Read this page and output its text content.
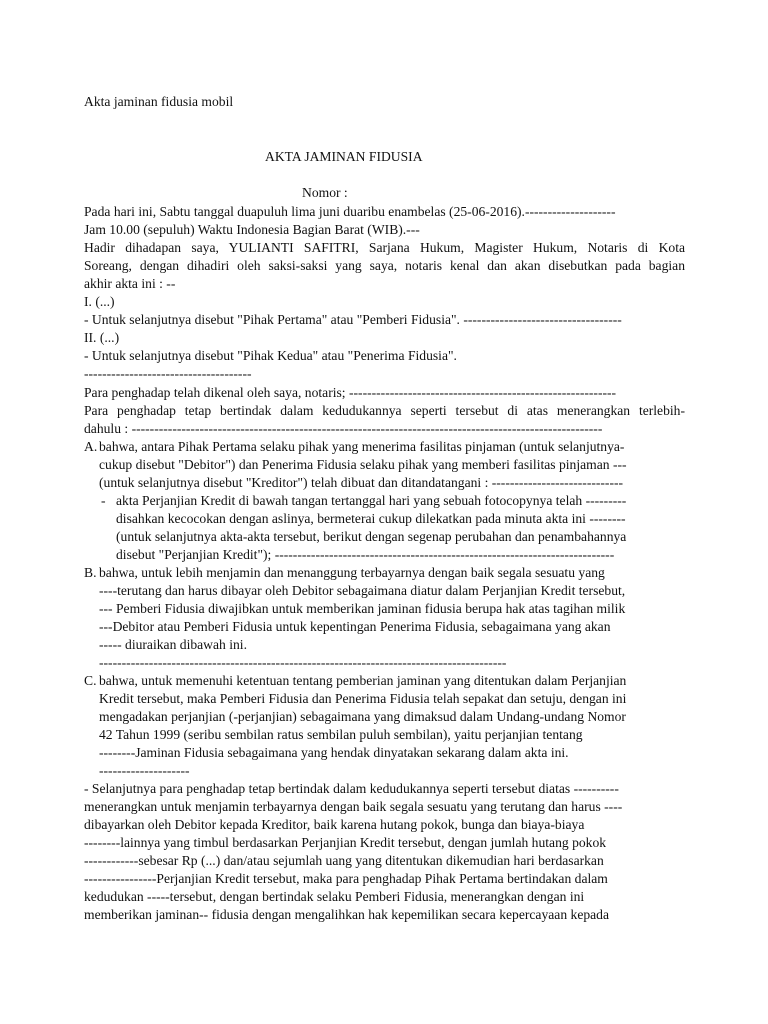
Akta jaminan fidusia mobil
AKTA JAMINAN FIDUSIA
Nomor :
Pada hari ini, Sabtu tanggal duapuluh lima juni duaribu enambelas (25-06-2016).--------------------
Jam 10.00 (sepuluh) Waktu Indonesia Bagian Barat (WIB).---
Hadir dihadapan saya, YULIANTI SAFITRI, Sarjana Hukum, Magister Hukum, Notaris di Kota
Soreang, dengan dihadiri oleh saksi-saksi yang saya, notaris kenal dan akan disebutkan pada bagian
akhir akta ini : --
I. (...)
- Untuk selanjutnya disebut "Pihak Pertama" atau "Pemberi Fidusia". -----------------------------------
II. (...)
- Untuk selanjutnya disebut "Pihak Kedua" atau "Penerima Fidusia".
-------------------------------------
Para penghadap telah dikenal oleh saya, notaris; -----------------------------------------------------------
Para penghadap tetap bertindak dalam kedudukannya seperti tersebut di atas menerangkan terlebih-
dahulu : --------------------------------------------------------------------------------------------------------
A. bahwa, antara Pihak Pertama selaku pihak yang menerima fasilitas pinjaman (untuk selanjutnya-
cukup disebut "Debitor") dan Penerima Fidusia selaku pihak yang memberi fasilitas pinjaman ---
(untuk selanjutnya disebut "Kreditor") telah dibuat dan ditandatangani : -----------------------------
- akta Perjanjian Kredit di bawah tangan tertanggal hari yang sebuah fotocopynya telah ---------
disahkan kecocokan dengan aslinya, bermeterai cukup dilekatkan pada minuta akta ini --------
(untuk selanjutnya akta-akta tersebut, berikut dengan segenap perubahan dan penambahannya
disebut "Perjanjian Kredit"); ---------------------------------------------------------------------------
B. bahwa, untuk lebih menjamin dan menanggung terbayarnya dengan baik segala sesuatu yang
----terutang dan harus dibayar oleh Debitor sebagaimana diatur dalam Perjanjian Kredit tersebut,
--- Pemberi Fidusia diwajibkan untuk memberikan jaminan fidusia berupa hak atas tagihan milik
---Debitor atau Pemberi Fidusia untuk kepentingan Penerima Fidusia, sebagaimana yang akan
----- diuraikan dibawah ini.
------------------------------------------------------------------------------------------
C. bahwa, untuk memenuhi ketentuan tentang pemberian jaminan yang ditentukan dalam Perjanjian
Kredit tersebut, maka Pemberi Fidusia dan Penerima Fidusia telah sepakat dan setuju, dengan ini
mengadakan perjanjian (-perjanjian) sebagaimana yang dimaksud dalam Undang-undang Nomor
42 Tahun 1999 (seribu sembilan ratus sembilan puluh sembilan), yaitu perjanjian tentang
--------Jaminan Fidusia sebagaimana yang hendak dinyatakan sekarang dalam akta ini.
--------------------
- Selanjutnya para penghadap tetap bertindak dalam kedudukannya seperti tersebut diatas ----------
menerangkan untuk menjamin terbayarnya dengan baik segala sesuatu yang terutang dan harus ----
dibayarkan oleh Debitor kepada Kreditor, baik karena hutang pokok, bunga dan biaya-biaya
--------lainnya yang timbul berdasarkan Perjanjian Kredit tersebut, dengan jumlah hutang pokok
------------sebesar Rp (...) dan/atau sejumlah uang yang ditentukan dikemudian hari berdasarkan
----------------Perjanjian Kredit tersebut, maka para penghadap Pihak Pertama bertindakan dalam
kedudukan -----tersebut, dengan bertindak selaku Pemberi Fidusia, menerangkan dengan ini
memberikan jaminan-- fidusia dengan mengalihkan hak kepemilikan secara kepercayaan kepada
